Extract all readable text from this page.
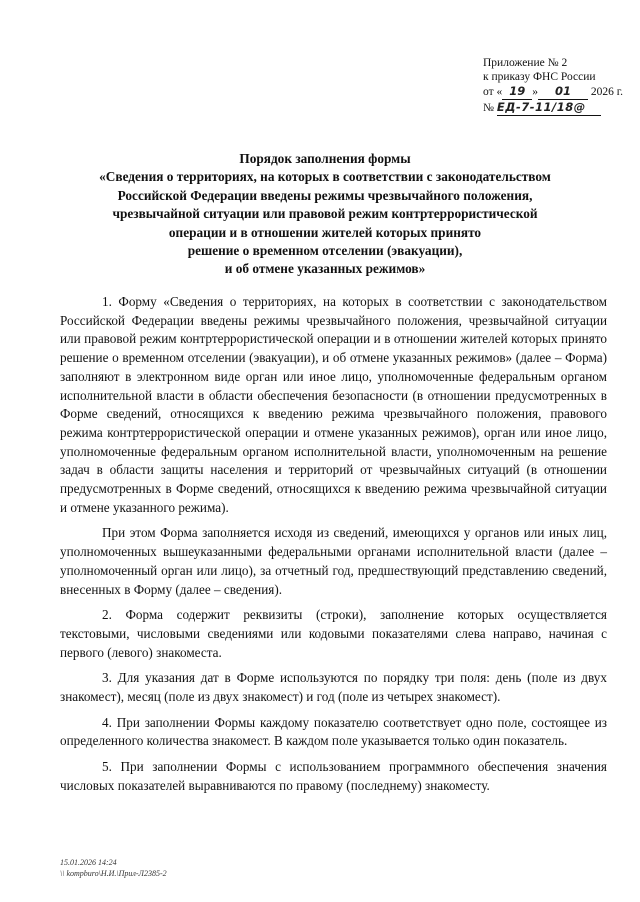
Приложение № 2
к приказу ФНС России
от « 19 » 01 2026 г.
№ ЕД-7-11/18@
Порядок заполнения формы
«Сведения о территориях, на которых в соответствии с законодательством
Российской Федерации введены режимы чрезвычайного положения,
чрезвычайной ситуации или правовой режим контртеррористической
операции и в отношении жителей которых принято
решение о временном отселении (эвакуации),
и об отмене указанных режимов»

1. Форму «Сведения о территориях, на которых в соответствии с законодательством Российской Федерации введены режимы чрезвычайного положения, чрезвычайной ситуации или правовой режим контртеррористической операции и в отношении жителей которых принято решение о временном отселении (эвакуации), и об отмене указанных режимов» (далее – Форма) заполняют в электронном виде орган или иное лицо, уполномоченные федеральным органом исполнительной власти в области обеспечения безопасности (в отношении предусмотренных в Форме сведений, относящихся к введению режима чрезвычайного положения, правового режима контртеррористической операции и отмене указанных режимов), орган или иное лицо, уполномоченные федеральным органом исполнительной власти, уполномоченным на решение задач в области защиты населения и территорий от чрезвычайных ситуаций (в отношении предусмотренных в Форме сведений, относящихся к введению режима чрезвычайной ситуации и отмене указанного режима).

При этом Форма заполняется исходя из сведений, имеющихся у органов или иных лиц, уполномоченных вышеуказанными федеральными органами исполнительной власти (далее – уполномоченный орган или лицо), за отчетный год, предшествующий представлению сведений, внесенных в Форму (далее – сведения).

2. Форма содержит реквизиты (строки), заполнение которых осуществляется текстовыми, числовыми сведениями или кодовыми показателями слева направо, начиная с первого (левого) знакоместа.

3. Для указания дат в Форме используются по порядку три поля: день (поле из двух знакомест), месяц (поле из двух знакомест) и год (поле из четырех знакомест).

4. При заполнении Формы каждому показателю соответствует одно поле, состоящее из определенного количества знакомест. В каждом поле указывается только один показатель.

5. При заполнении Формы с использованием программного обеспечения значения числовых показателей выравниваются по правому (последнему) знакоместу.

15.01.2026 14:24
\\ kompburo\Н.И.\Прил-Л2385-2
